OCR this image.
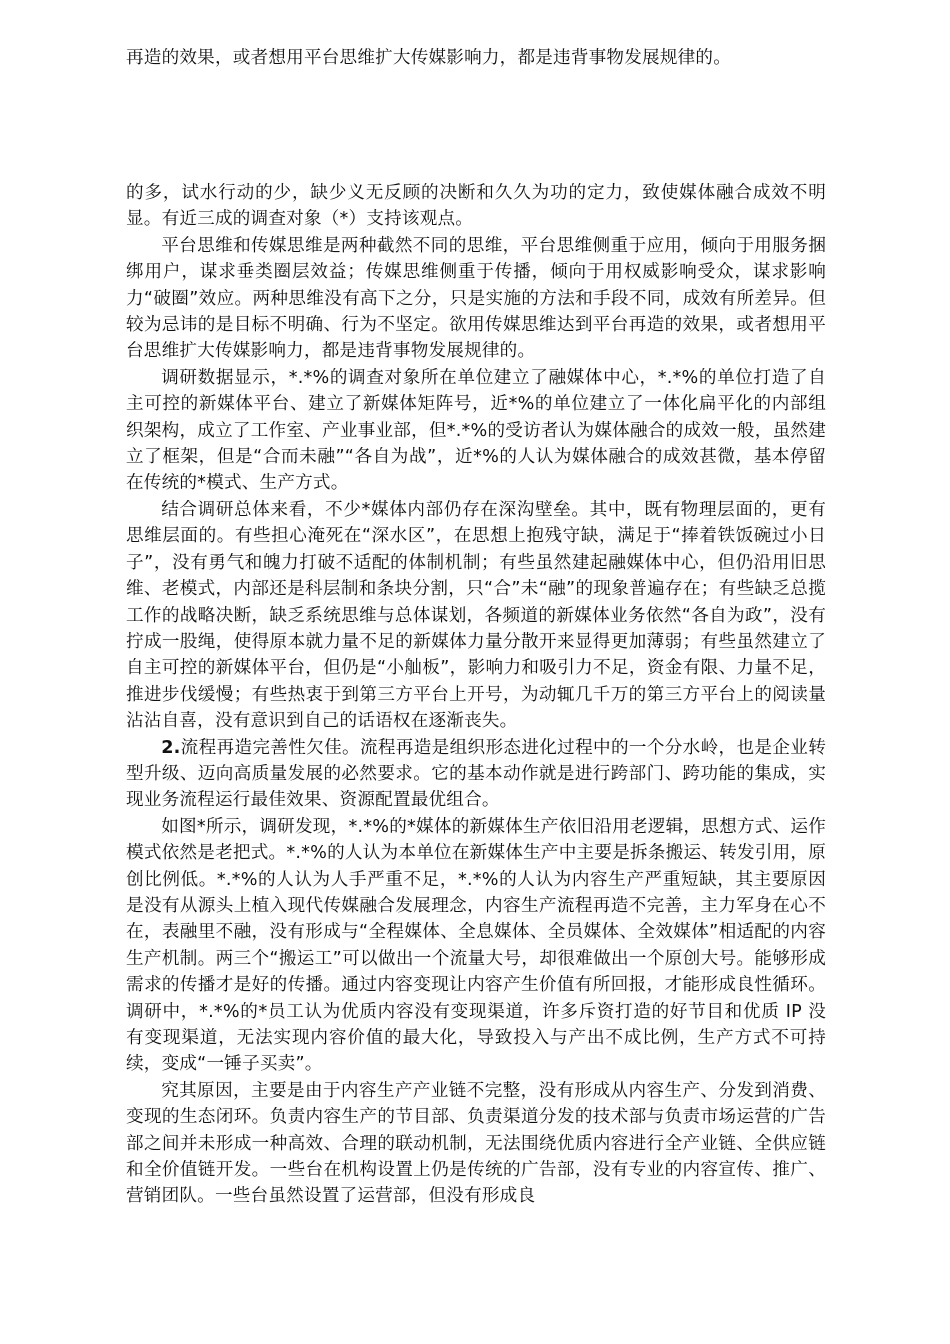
再造的效果，或者想用平台思维扩大传媒影响力，都是违背事物发展规律的。

的多，试水行动的少，缺少义无反顾的决断和久久为功的定力，致使媒体融合成效不明显。有近三成的调查对象（*）支持该观点。

平台思维和传媒思维是两种截然不同的思维，平台思维侧重于应用，倾向于用服务捆绑用户，谋求垂类圈层效益；传媒思维侧重于传播，倾向于用权威影响受众，谋求影响力“破圈”效应。两种思维没有高下之分，只是实施的方法和手段不同，成效有所差异。但较为忌讳的是目标不明确、行为不坚定。欲用传媒思维达到平台再造的效果，或者想用平台思维扩大传媒影响力，都是违背事物发展规律的。

调研数据显示，*.*%的调查对象所在单位建立了融媒体中心，*.*%的单位打造了自主可控的新媒体平台、建立了新媒体矩阵号，近*%的单位建立了一体化扁平化的内部组织架构，成立了工作室、产业事业部，但*.*%的受访者认为媒体融合的成效一般，虽然建立了框架，但是“合而未融”“各自为战”，近*%的人认为媒体融合的成效甚微，基本停留在传统的*模式、生产方式。

结合调研总体来看，不少*媒体内部仍存在深沟壁垒。其中，既有物理层面的，更有思维层面的。有些担心淹死在“深水区”，在思想上抱残守缺，满足于“捧着铁饭碗过小日子”，没有勇气和魄力打破不适配的体制机制；有些虽然建起融媒体中心，但仍沿用旧思维、老模式，内部还是科层制和条块分割，只“合”未“融”的现象普遍存在；有些缺乏总揽工作的战略决断，缺乏系统思维与总体谋划，各频道的新媒体业务依然“各自为政”，没有拧成一股绳，使得原本就力量不足的新媒体力量分散开来显得更加薄弱；有些虽然建立了自主可控的新媒体平台，但仍是“小舢板”，影响力和吸引力不足，资金有限、力量不足，推进步伐缓慢；有些热衷于到第三方平台上开号，为动辄几千万的第三方平台上的阅读量沾沾自喜，没有意识到自己的话语权在逐渐丧失。

2.流程再造完善性欠佳。流程再造是组织形态进化过程中的一个分水岭，也是企业转型升级、迈向高质量发展的必然要求。它的基本动作就是进行跨部门、跨功能的集成，实现业务流程运行最佳效果、资源配置最优组合。

如图*所示，调研发现，*.*%的*媒体的新媒体生产依旧沿用老逻辑，思想方式、运作模式依然是老把式。*.*%的人认为本单位在新媒体生产中主要是拆条搬运、转发引用，原创比例低。*.*%的人认为人手严重不足，*.*%的人认为内容生产严重短缺，其主要原因是没有从源头上植入现代传媒融合发展理念，内容生产流程再造不完善，主力军身在心不在，表融里不融，没有形成与“全程媒体、全息媒体、全员媒体、全效媒体”相适配的内容生产机制。两三个“搬运工”可以做出一个流量大号，却很难做出一个原创大号。能够形成需求的传播才是好的传播。通过内容变现让内容产生价值有所回报，才能形成良性循环。调研中，*.*%的*员工认为优质内容没有变现渠道，许多斥资打造的好节目和优质 IP 没有变现渠道，无法实现内容价值的最大化，导致投入与产出不成比例，生产方式不可持续，变成“一锤子买卖”。

究其原因，主要是由于内容生产产业链不完整，没有形成从内容生产、分发到消费、变现的生态闭环。负责内容生产的节目部、负责渠道分发的技术部与负责市场运营的广告部之间并未形成一种高效、合理的联动机制，无法围绕优质内容进行全产业链、全供应链和全价值链开发。一些台在机构设置上仍是传统的广告部，没有专业的内容宣传、推广、营销团队。一些台虽然设置了运营部，但没有形成良
